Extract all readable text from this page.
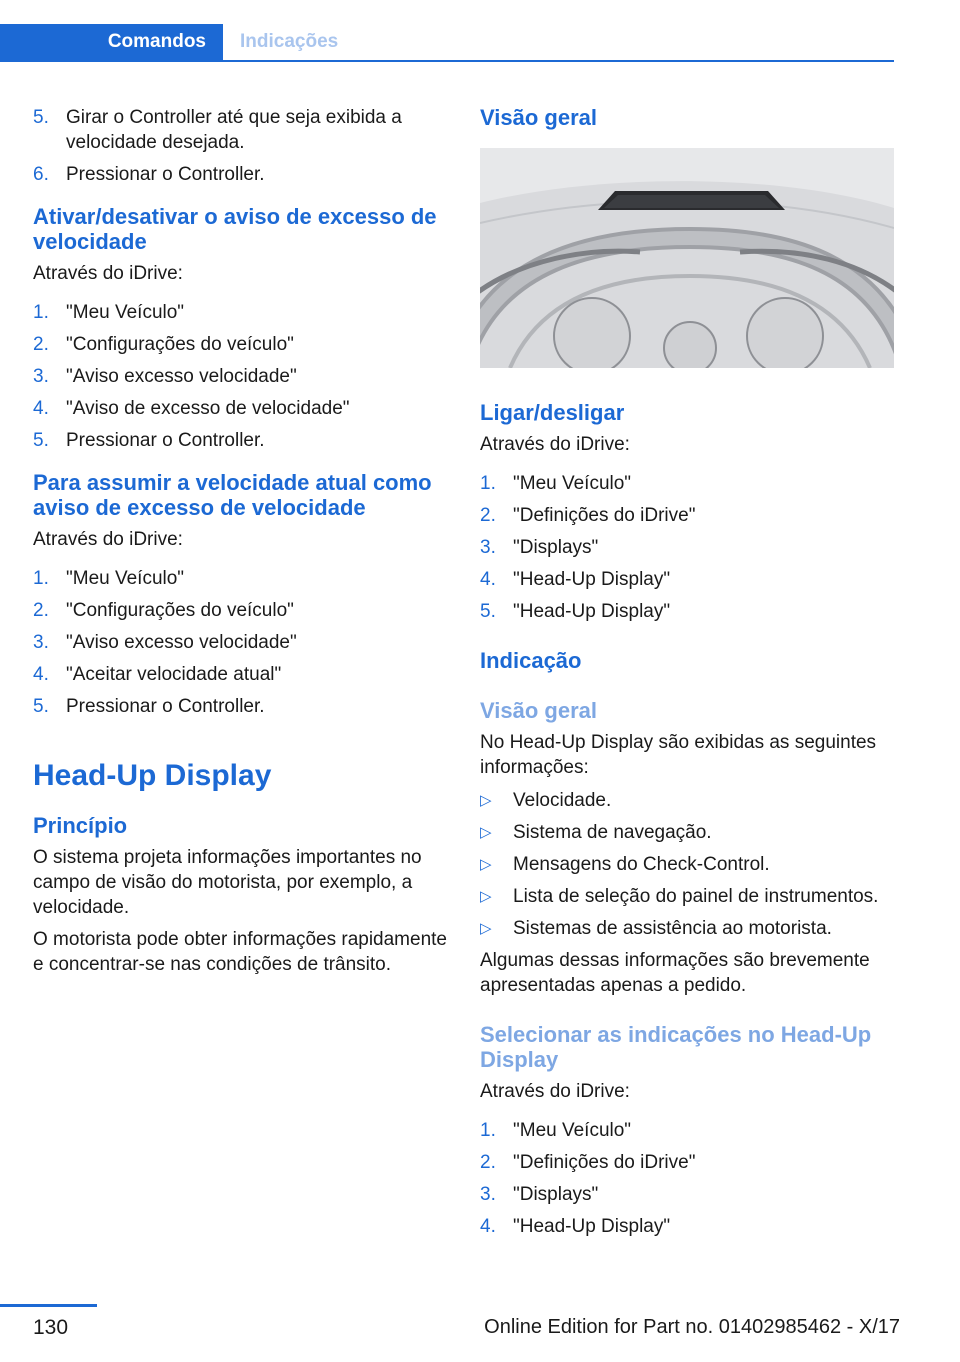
Comandos	Indicações
5. Girar o Controller até que seja exibida a velocidade desejada.
6. Pressionar o Controller.
Ativar/desativar o aviso de excesso de velocidade

Através do iDrive:

1. "Meu Veículo"
2. "Configurações do veículo"
3. "Aviso excesso velocidade"
4. "Aviso de excesso de velocidade"
5. Pressionar o Controller.
Para assumir a velocidade atual como aviso de excesso de velocidade

Através do iDrive:

1. "Meu Veículo"
2. "Configurações do veículo"
3. "Aviso excesso velocidade"
4. "Aceitar velocidade atual"
5. Pressionar o Controller.
Head-Up Display
Princípio

O sistema projeta informações importantes no campo de visão do motorista, por exemplo, a velocidade.

O motorista pode obter informações rapidamente e concentrar-se nas condições de trânsito.

Visão geral
Ligar/desligar

Através do iDrive:

1. "Meu Veículo"
2. "Definições do iDrive"
3. "Displays"
4. "Head-Up Display"
5. "Head-Up Display"
Indicação
Visão geral

No Head-Up Display são exibidas as seguintes informações:

▷ Velocidade.
▷ Sistema de navegação.
▷ Mensagens do Check-Control.
▷ Lista de seleção do painel de instrumentos.
▷ Sistemas de assistência ao motorista.

Algumas dessas informações são brevemente apresentadas apenas a pedido.

Selecionar as indicações no Head-Up Display

Através do iDrive:

1. "Meu Veículo"
2. "Definições do iDrive"
3. "Displays"
4. "Head-Up Display"
130	Online Edition for Part no. 01402985462 - X/17
